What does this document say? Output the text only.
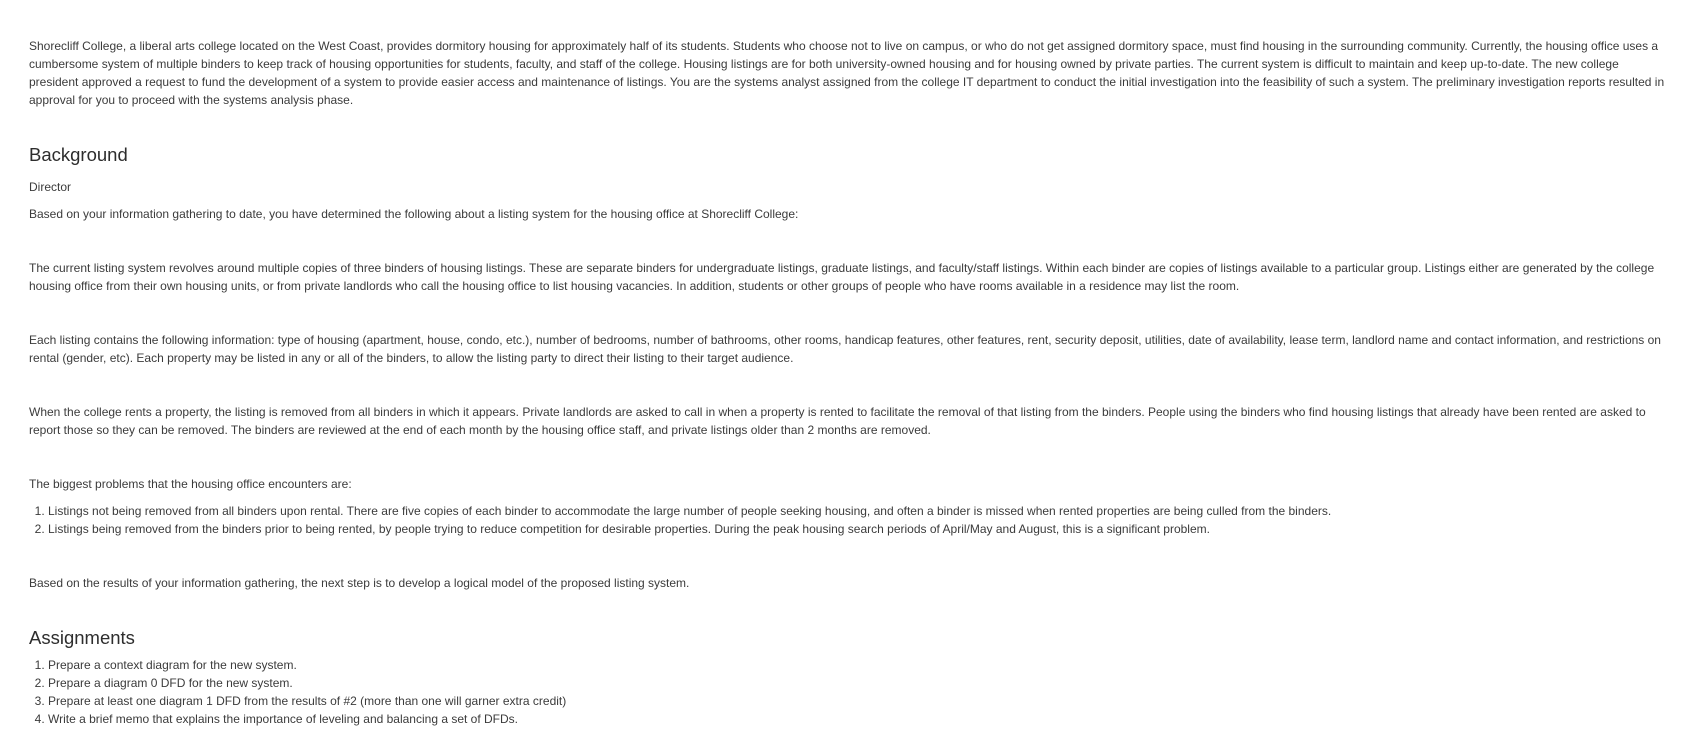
Shorecliff College, a liberal arts college located on the West Coast, provides dormitory housing for approximately half of its students. Students who choose not to live on campus, or who do not get assigned dormitory space, must find housing in the surrounding community. Currently, the housing office uses a cumbersome system of multiple binders to keep track of housing opportunities for students, faculty, and staff of the college. Housing listings are for both university-owned housing and for housing owned by private parties. The current system is difficult to maintain and keep up-to-date. The new college president approved a request to fund the development of a system to provide easier access and maintenance of listings. You are the systems analyst assigned from the college IT department to conduct the initial investigation into the feasibility of such a system. The preliminary investigation reports resulted in approval for you to proceed with the systems analysis phase.

Background

Director

Based on your information gathering to date, you have determined the following about a listing system for the housing office at Shorecliff College:

The current listing system revolves around multiple copies of three binders of housing listings. These are separate binders for undergraduate listings, graduate listings, and faculty/staff listings. Within each binder are copies of listings available to a particular group. Listings either are generated by the college housing office from their own housing units, or from private landlords who call the housing office to list housing vacancies. In addition, students or other groups of people who have rooms available in a residence may list the room.

Each listing contains the following information: type of housing (apartment, house, condo, etc.), number of bedrooms, number of bathrooms, other rooms, handicap features, other features, rent, security deposit, utilities, date of availability, lease term, landlord name and contact information, and restrictions on rental (gender, etc). Each property may be listed in any or all of the binders, to allow the listing party to direct their listing to their target audience.

When the college rents a property, the listing is removed from all binders in which it appears. Private landlords are asked to call in when a property is rented to facilitate the removal of that listing from the binders. People using the binders who find housing listings that already have been rented are asked to report those so they can be removed. The binders are reviewed at the end of each month by the housing office staff, and private listings older than 2 months are removed.

The biggest problems that the housing office encounters are:

1. Listings not being removed from all binders upon rental. There are five copies of each binder to accommodate the large number of people seeking housing, and often a binder is missed when rented properties are being culled from the binders.
2. Listings being removed from the binders prior to being rented, by people trying to reduce competition for desirable properties. During the peak housing search periods of April/May and August, this is a significant problem.

Based on the results of your information gathering, the next step is to develop a logical model of the proposed listing system.

Assignments
1. Prepare a context diagram for the new system.
2. Prepare a diagram 0 DFD for the new system.
3. Prepare at least one diagram 1 DFD from the results of #2 (more than one will garner extra credit)
4. Write a brief memo that explains the importance of leveling and balancing a set of DFDs.
